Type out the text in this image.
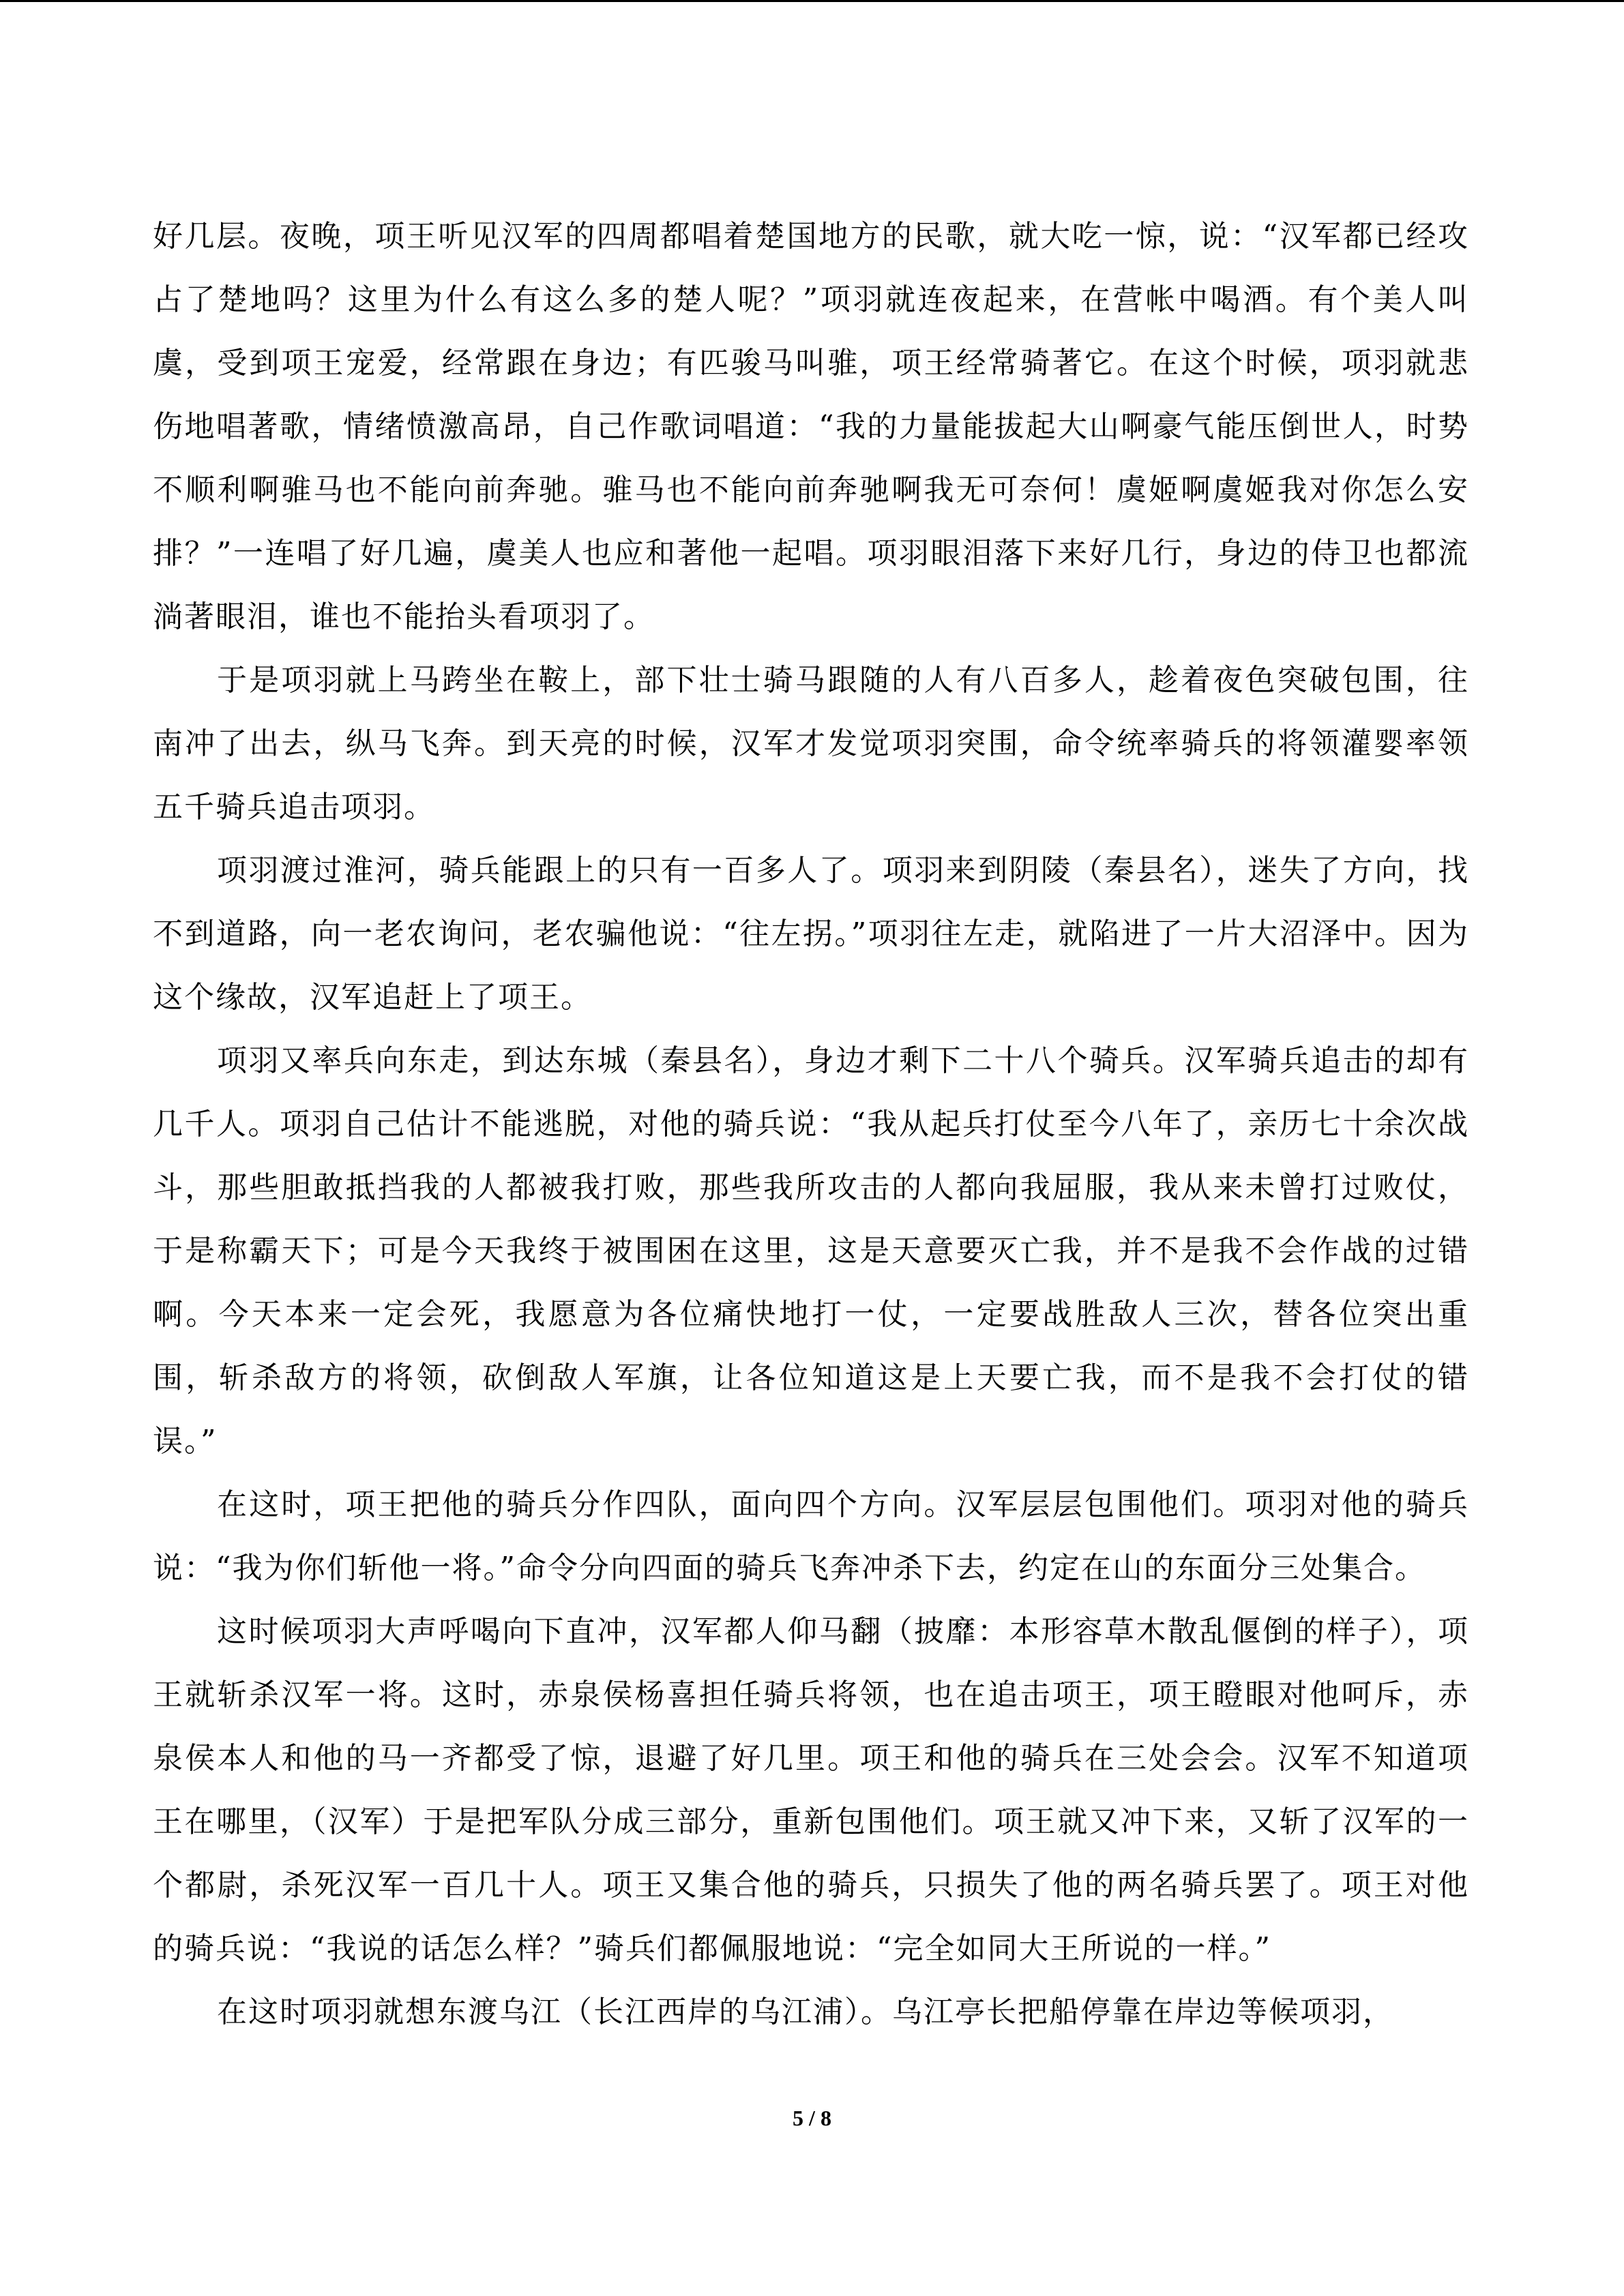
好几层。夜晚，项王听见汉军的四周都唱着楚国地方的民歌，就大吃一惊，说：“汉军都已经攻占了楚地吗？这里为什么有这么多的楚人呢？”项羽就连夜起来，在营帐中喝酒。有个美人叫虞，受到项王宠爱，经常跟在身边；有匹骏马叫骓，项王经常骑著它。在这个时候，项羽就悲伤地唱著歌，情绪愤激高昂，自己作歌词唱道：“我的力量能拔起大山啊豪气能压倒世人，时势不顺利啊骓马也不能向前奔驰。骓马也不能向前奔驰啊我无可奈何！虞姬啊虞姬我对你怎么安排？”一连唱了好几遍，虞美人也应和著他一起唱。项羽眼泪落下来好几行，身边的侍卫也都流淌著眼泪，谁也不能抬头看项羽了。

于是项羽就上马跨坐在鞍上，部下壮士骑马跟随的人有八百多人，趁着夜色突破包围，往南冲了出去，纵马飞奔。到天亮的时候，汉军才发觉项羽突围，命令统率骑兵的将领灌婴率领五千骑兵追击项羽。

项羽渡过淮河，骑兵能跟上的只有一百多人了。项羽来到阴陵（秦县名），迷失了方向，找不到道路，向一老农询问，老农骗他说：“往左拐。”项羽往左走，就陷进了一片大沼泽中。因为这个缘故，汉军追赶上了项王。

项羽又率兵向东走，到达东城（秦县名），身边才剩下二十八个骑兵。汉军骑兵追击的却有几千人。项羽自己估计不能逃脱，对他的骑兵说：“我从起兵打仗至今八年了，亲历七十余次战斗，那些胆敢抵挡我的人都被我打败，那些我所攻击的人都向我屈服，我从来未曾打过败仗，于是称霸天下；可是今天我终于被围困在这里，这是天意要灭亡我，并不是我不会作战的过错啊。今天本来一定会死，我愿意为各位痛快地打一仗，一定要战胜敌人三次，替各位突出重围，斩杀敌方的将领，砍倒敌人军旗，让各位知道这是上天要亡我，而不是我不会打仗的错误。”

在这时，项王把他的骑兵分作四队，面向四个方向。汉军层层包围他们。项羽对他的骑兵说：“我为你们斩他一将。”命令分向四面的骑兵飞奔冲杀下去，约定在山的东面分三处集合。

这时候项羽大声呼喝向下直冲，汉军都人仰马翻（披靡：本形容草木散乱偃倒的样子），项王就斩杀汉军一将。这时，赤泉侯杨喜担任骑兵将领，也在追击项王，项王瞪眼对他呵斥，赤泉侯本人和他的马一齐都受了惊，退避了好几里。项王和他的骑兵在三处会会。汉军不知道项王在哪里，（汉军）于是把军队分成三部分，重新包围他们。项王就又冲下来，又斩了汉军的一个都尉，杀死汉军一百几十人。项王又集合他的骑兵，只损失了他的两名骑兵罢了。项王对他的骑兵说：“我说的话怎么样？”骑兵们都佩服地说：“完全如同大王所说的一样。”

在这时项羽就想东渡乌江（长江西岸的乌江浦）。乌江亭长把船停靠在岸边等候项羽，

5 / 8
